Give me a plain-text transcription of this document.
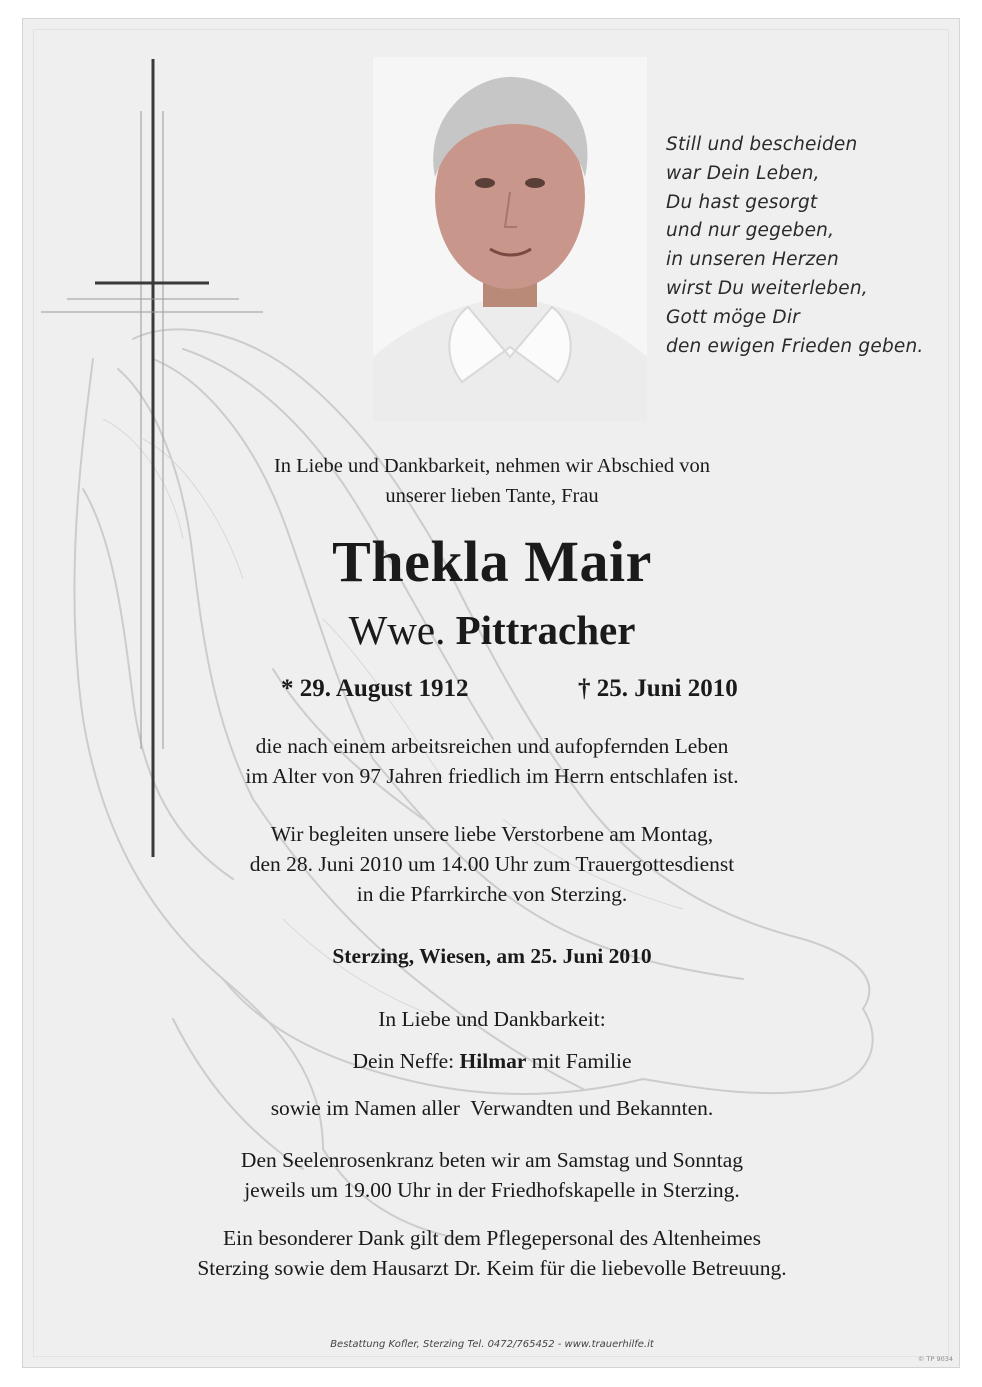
Still und bescheiden
war Dein Leben,
Du hast gesorgt
und nur gegeben,
in unseren Herzen
wirst Du weiterleben,
Gott möge Dir
den ewigen Frieden geben.
In Liebe und Dankbarkeit, nehmen wir Abschied von
unserer lieben Tante, Frau
Thekla Mair
Wwe. Pittracher
* 29. August 1912	† 25. Juni 2010
die nach einem arbeitsreichen und aufopfernden Leben
im Alter von 97 Jahren friedlich im Herrn entschlafen ist.
Wir begleiten unsere liebe Verstorbene am Montag,
den 28. Juni 2010 um 14.00 Uhr zum Trauergottesdienst
in die Pfarrkirche von Sterzing.
Sterzing, Wiesen, am 25. Juni 2010
In Liebe und Dankbarkeit:
Dein Neffe: Hilmar mit Familie
sowie im Namen aller  Verwandten und Bekannten.
Den Seelenrosenkranz beten wir am Samstag und Sonntag
jeweils um 19.00 Uhr in der Friedhofskapelle in Sterzing.
Ein besonderer Dank gilt dem Pflegepersonal des Altenheimes
Sterzing sowie dem Hausarzt Dr. Keim für die liebevolle Betreuung.
Bestattung Kofler, Sterzing Tel. 0472/765452 - www.trauerhilfe.it
© TP 9034
